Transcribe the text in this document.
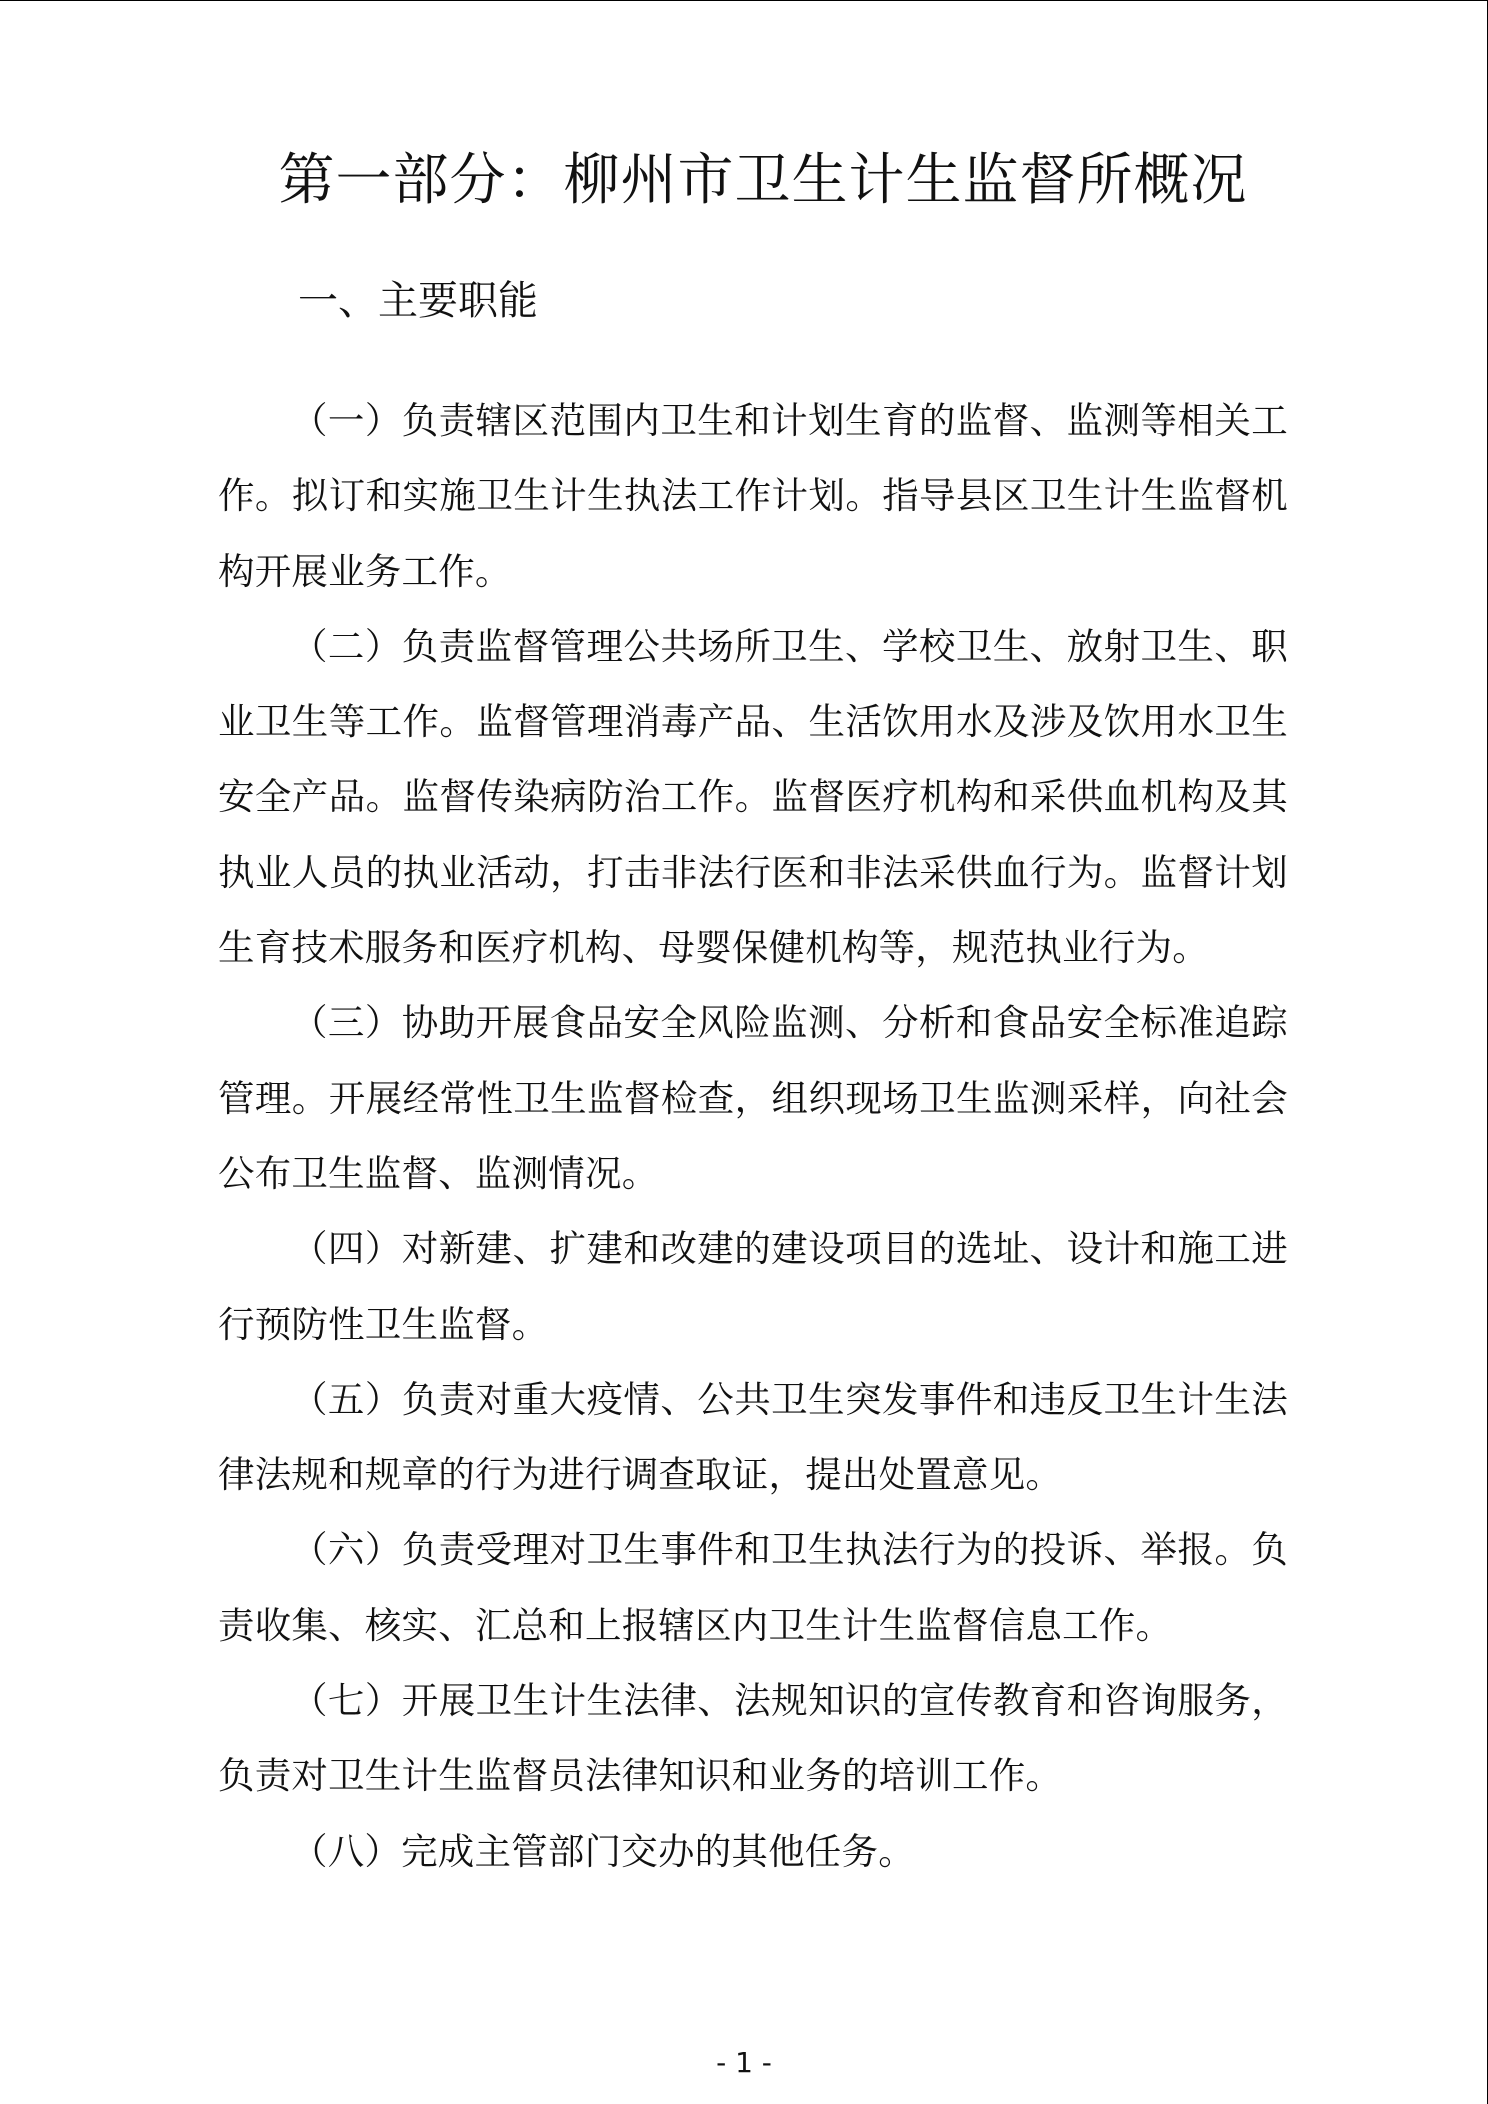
第一部分：柳州市卫生计生监督所概况
一、主要职能

（一）负责辖区范围内卫生和计划生育的监督、监测等相关工作。拟订和实施卫生计生执法工作计划。指导县区卫生计生监督机构开展业务工作。

（二）负责监督管理公共场所卫生、学校卫生、放射卫生、职业卫生等工作。监督管理消毒产品、生活饮用水及涉及饮用水卫生安全产品。监督传染病防治工作。监督医疗机构和采供血机构及其执业人员的执业活动，打击非法行医和非法采供血行为。监督计划生育技术服务和医疗机构、母婴保健机构等，规范执业行为。

（三）协助开展食品安全风险监测、分析和食品安全标准追踪管理。开展经常性卫生监督检查，组织现场卫生监测采样，向社会公布卫生监督、监测情况。

（四）对新建、扩建和改建的建设项目的选址、设计和施工进行预防性卫生监督。

（五）负责对重大疫情、公共卫生突发事件和违反卫生计生法律法规和规章的行为进行调查取证，提出处置意见。

（六）负责受理对卫生事件和卫生执法行为的投诉、举报。负责收集、核实、汇总和上报辖区内卫生计生监督信息工作。

（七）开展卫生计生法律、法规知识的宣传教育和咨询服务，负责对卫生计生监督员法律知识和业务的培训工作。

（八）完成主管部门交办的其他任务。

- 1 -
